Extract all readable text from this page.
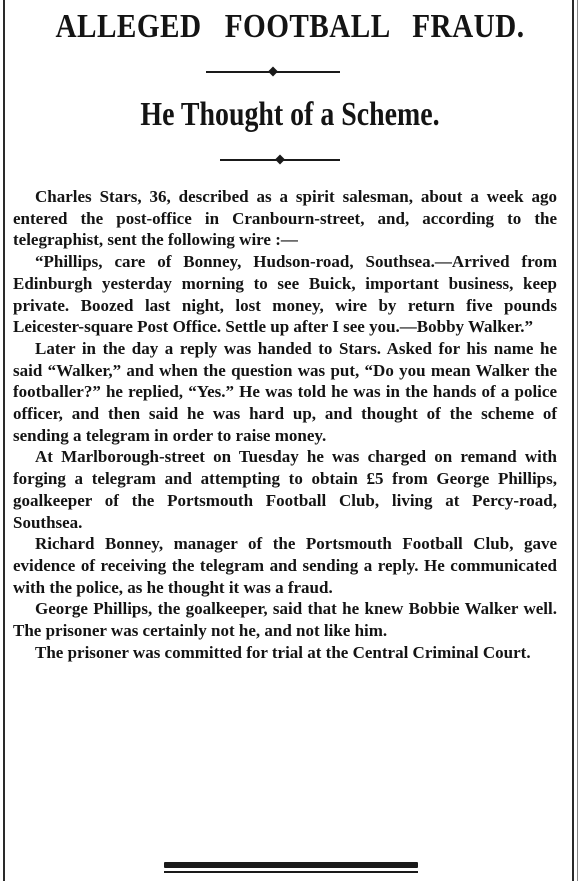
ALLEGED FOOTBALL FRAUD.
He Thought of a Scheme.

Charles Stars, 36, described as a spirit salesman, about a week ago entered the post-office in Cranbourn-street, and, according to the telegraphist, sent the following wire :—

“Phillips, care of Bonney, Hudson-road, Southsea.—Arrived from Edinburgh yesterday morning to see Buick, important business, keep private. Boozed last night, lost money, wire by return five pounds Leicester-square Post Office. Settle up after I see you.—Bobby Walker.”

Later in the day a reply was handed to Stars. Asked for his name he said “Walker,” and when the question was put, “Do you mean Walker the footballer?” he replied, “Yes.” He was told he was in the hands of a police officer, and then said he was hard up, and thought of the scheme of sending a telegram in order to raise money.

At Marlborough-street on Tuesday he was charged on remand with forging a telegram and attempting to obtain £5 from George Phillips, goalkeeper of the Portsmouth Football Club, living at Percy-road, Southsea.

Richard Bonney, manager of the Portsmouth Football Club, gave evidence of receiving the telegram and sending a reply. He communicated with the police, as he thought it was a fraud.

George Phillips, the goalkeeper, said that he knew Bobbie Walker well. The prisoner was certainly not he, and not like him.

The prisoner was committed for trial at the Central Criminal Court.
